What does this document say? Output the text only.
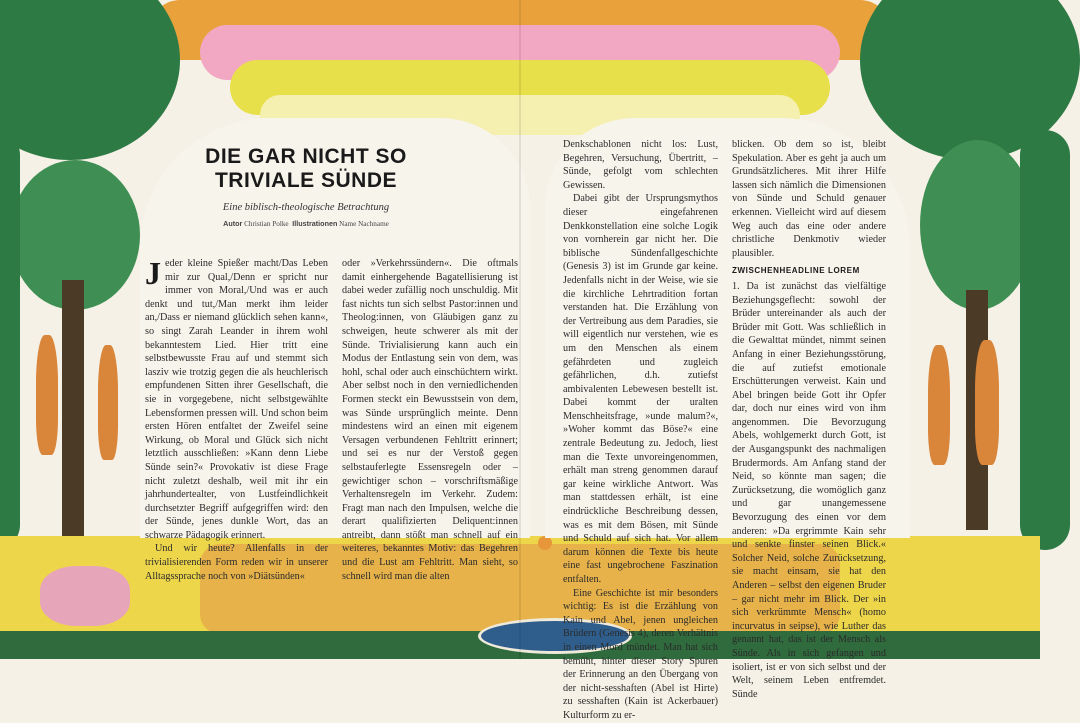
DIE GAR NICHT SO TRIVIALE SÜNDE
Eine biblisch-theologische Betrachtung
Autor Christian Polke Illustrationen Name Nachname

Jeder kleine Spießer macht/Das Leben mir zur Qual,/Denn er spricht nur immer von Moral,/Und was er auch denkt und tut,/Man merkt ihm leider an,/Dass er niemand glücklich sehen kann«, so singt Zarah Leander in ihrem wohl bekanntestem Lied. Hier tritt eine selbstbewusste Frau auf und stemmt sich lasziv wie trotzig gegen die als heuchlerisch empfundenen Sitten ihrer Gesellschaft, die sie in vorgegebene, nicht selbstgewählte Lebensformen pressen will. Und schon beim ersten Hören entfaltet der Zweifel seine Wirkung, ob Moral und Glück sich nicht letztlich ausschließen: »Kann denn Liebe Sünde sein?« Provokativ ist diese Frage nicht zuletzt deshalb, weil mit ihr ein jahrhundertealter, von Lustfeindlichkeit durchsetzter Begriff aufgegriffen wird: den der Sünde, jenes dunkle Wort, das an schwarze Pädagogik erinnert.

Und wir heute? Allenfalls in der trivialisierenden Form reden wir in unserer Alltagssprache noch von »Diätsünden«

oder »Verkehrssündern«. Die oftmals damit einhergehende Bagatellisierung ist dabei weder zufällig noch unschuldig. Mit fast nichts tun sich selbst Pastor:innen und Theolog:innen, von Gläubigen ganz zu schweigen, heute schwerer als mit der Sünde. Trivialisierung kann auch ein Modus der Entlastung sein von dem, was hohl, schal oder auch einschüchtern wirkt. Aber selbst noch in den verniedlichenden Formen steckt ein Bewusstsein von dem, was Sünde ursprünglich meinte. Denn mindestens wird an einen mit eigenem Versagen verbundenen Fehltritt erinnert; und sei es nur der Verstoß gegen selbstauferlegte Essensregeln oder – gewichtiger schon – vorschriftsmäßige Verhaltensregeln im Verkehr. Zudem: Fragt man nach den Impulsen, welche die derart qualifizierten Deliquent:innen antreibt, dann stößt man schnell auf ein weiteres, bekanntes Motiv: das Begehren und die Lust am Fehltritt. Man sieht, so schnell wird man die alten

Denkschablonen nicht los: Lust, Begehren, Versuchung, Übertritt, – Sünde, gefolgt vom schlechten Gewissen.

Dabei gibt der Ursprungsmythos dieser eingefahrenen Denkkonstellation eine solche Logik von vornherein gar nicht her. Die biblische Sündenfallgeschichte (Genesis 3) ist im Grunde gar keine. Jedenfalls nicht in der Weise, wie sie die kirchliche Lehrtradition fortan verstanden hat. Die Erzählung von der Vertreibung aus dem Paradies, sie will eigentlich nur verstehen, wie es um den Menschen als einem gefährdeten und zugleich gefährlichen, d.h. zutiefst ambivalenten Lebewesen bestellt ist. Dabei kommt der uralten Menschheitsfrage, »unde malum?«, »Woher kommt das Böse?« eine zentrale Bedeutung zu. Jedoch, liest man die Texte unvoreingenommen, erhält man streng genommen darauf gar keine wirkliche Antwort. Was man stattdessen erhält, ist eine eindrückliche Beschreibung dessen, was es mit dem Bösen, mit Sünde und Schuld auf sich hat. Vor allem darum können die Texte bis heute eine fast ungebrochene Faszination entfalten.

Eine Geschichte ist mir besonders wichtig: Es ist die Erzählung von Kain und Abel, jenen ungleichen Brüdern (Genesis 4), deren Verhältnis in einen Mord mündet. Man hat sich bemüht, hinter dieser Story Spuren der Erinnerung an den Übergang von der nicht-sesshaften (Abel ist Hirte) zu sesshaften (Kain ist Ackerbauer) Kulturform zu er-

blicken. Ob dem so ist, bleibt Spekulation. Aber es geht ja auch um Grundsätzlicheres. Mit ihrer Hilfe lassen sich nämlich die Dimensionen von Sünde und Schuld genauer erkennen. Vielleicht wird auf diesem Weg auch das eine oder andere christliche Denkmotiv wieder plausibler.

ZWISCHENHEADLINE LOREM

1. Da ist zunächst das vielfältige Beziehungsgeflecht: sowohl der Brüder untereinander als auch der Brüder mit Gott. Was schließlich in die Gewalttat mündet, nimmt seinen Anfang in einer Beziehungsstörung, die auf zutiefst emotionale Erschütterungen verweist. Kain und Abel bringen beide Gott ihr Opfer dar, doch nur eines wird von ihm angenommen. Die Bevorzugung Abels, wohlgemerkt durch Gott, ist der Ausgangspunkt des nachmaligen Brudermords. Am Anfang stand der Neid, so könnte man sagen; die Zurücksetzung, die womöglich ganz und gar unangemessene Bevorzugung des einen vor dem anderen: »Da ergrimmte Kain sehr und senkte finster seinen Blick.« Solcher Neid, solche Zurücksetzung, sie macht einsam, sie hat den Anderen – selbst den eigenen Bruder – gar nicht mehr im Blick. Der »in sich verkrümmte Mensch« (homo incurvatus in seipse), wie Luther das genannt hat, das ist der Mensch als Sünde. Als in sich gefangen und isoliert, ist er von sich selbst und der Welt, seinem Leben entfremdet. Sünde
